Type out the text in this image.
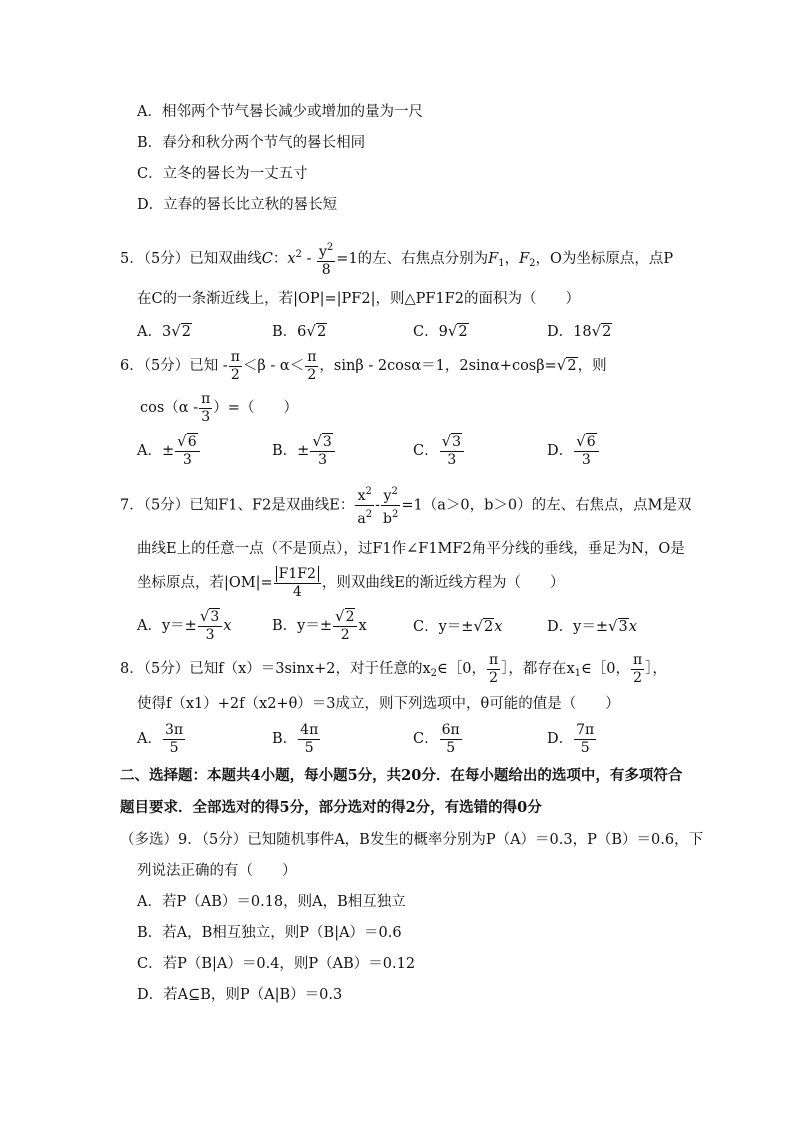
A．相邻两个节气晷长减少或增加的量为一尺
B．春分和秋分两个节气的晷长相同
C．立冬的晷长为一丈五寸
D．立春的晷长比立秋的晷长短
5．（5分）已知双曲线C：$x^2 - \frac{y^2}{8} =1$的左、右焦点分别为$F_1$，$F_2$，O为坐标原点，点P
在C的一条渐近线上，若|OP|=|PF2|，则△PF1F2的面积为（　　）
A．3√2	B．6√2	C．9√2	D．18√2
6．（5分）已知 - $\frac{\pi}{2} <\beta - \alpha< \frac{\pi}{2}$ ，sinβ - 2cosα＝1，2sinα+cosβ=√2，则
$\cos(\alpha - \frac{\pi}{3}$ ）=（　　）
A．± $\frac{√6}{3}$	B．± $\frac{√3}{3}$	C． $\frac{√3}{3}$	D． $\frac{√6}{3}$
7．（5分）已知F1、F2是双曲线E： $\frac{x^2}{a^2} - \frac{y^2}{b^2} =1(a>0$，b＞0）的左、右焦点，点M是双
曲线E上的任意一点（不是顶点），过F1作∠F1MF2角平分线的垂线，垂足为N，O是
坐标原点，若$|OM|= \frac{F1F2}{4}$ ，则双曲线E的渐近线方程为（　　）
A．$y=\pm \frac{√3}{3}$ x	B．$y=\pm \frac{√2}{2}$ x	C．y＝±√2x	D．y＝±√3x
8．（5分）已知f（x）＝3sinx+2，对于任意的$x_2\in[0$， $\frac{\pi}{2}$ ］，都存在$x_1\in[0$， $\frac{\pi}{2}$ ］，
使得f（x1）+2f（x2+θ）＝3成立，则下列选项中，θ可能的值是（　　）
A． $\frac{3\pi}{5}$	B． $\frac{4\pi}{5}$	C． $\frac{6\pi}{5}$	D． $\frac{7\pi}{5}$
二、选择题：本题共4小题，每小题5分，共20分．在每小题给出的选项中，有多项符合
题目要求．全部选对的得5分，部分选对的得2分，有选错的得0分
（多选）9．（5分）已知随机事件A，B发生的概率分别为P（A）＝0.3，P（B）＝0.6，下
列说法正确的有（　　）
A．若P（AB）＝0.18，则A，B相互独立
B．若A，B相互独立，则P（B|A）＝0.6
C．若P（B|A）＝0.4，则P（AB）＝0.12
D．若A⊆B，则P（A|B）＝0.3
